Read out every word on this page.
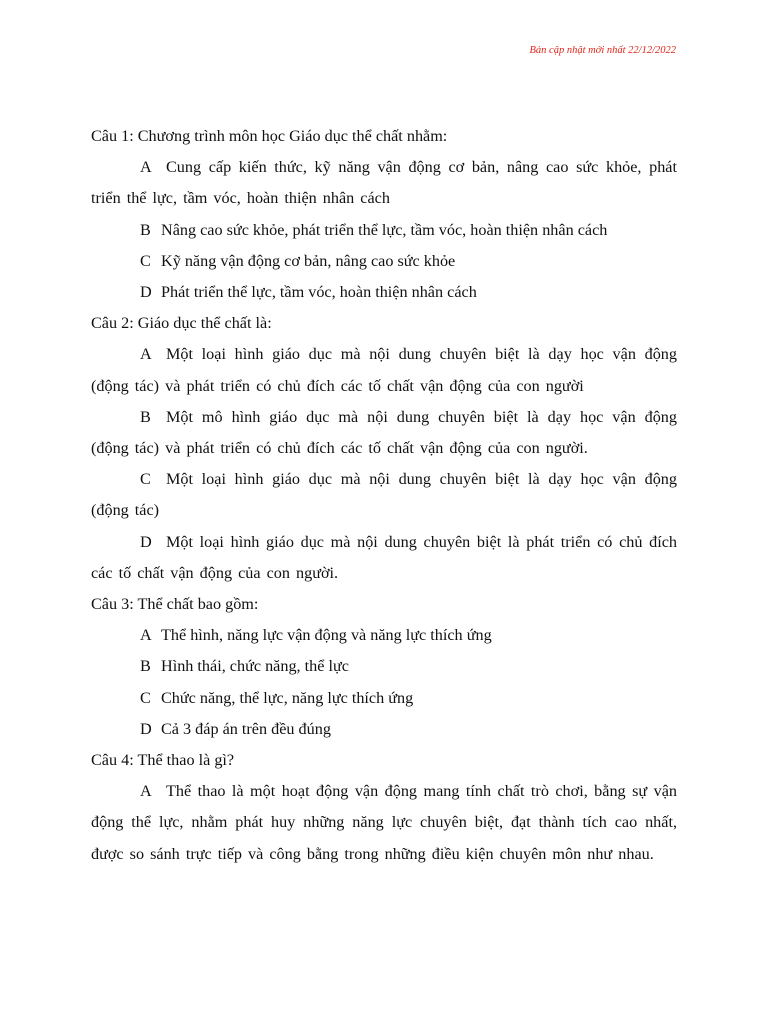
Bản cập nhật mới nhất 22/12/2022

Câu 1: Chương trình môn học Giáo dục thể chất nhằm:

A Cung cấp kiến thức, kỹ năng vận động cơ bản, nâng cao sức khỏe, phát triển thể lực, tầm vóc, hoàn thiện nhân cách

B Nâng cao sức khỏe, phát triển thể lực, tầm vóc, hoàn thiện nhân cách

C Kỹ năng vận động cơ bản, nâng cao sức khỏe

D Phát triển thể lực, tầm vóc, hoàn thiện nhân cách

Câu 2: Giáo dục thể chất là:

A Một loại hình giáo dục mà nội dung chuyên biệt là dạy học vận động (động tác) và phát triển có chủ đích các tố chất vận động của con người

B Một mô hình giáo dục mà nội dung chuyên biệt là dạy học vận động (động tác) và phát triển có chủ đích các tố chất vận động của con người.

C Một loại hình giáo dục mà nội dung chuyên biệt là dạy học vận động (động tác)

D Một loại hình giáo dục mà nội dung chuyên biệt là phát triển có chủ đích các tố chất vận động của con người.

Câu 3: Thể chất bao gồm:

A Thể hình, năng lực vận động và năng lực thích ứng

B Hình thái, chức năng, thể lực

C Chức năng, thể lực, năng lực thích ứng

D Cả 3 đáp án trên đều đúng

Câu 4: Thể thao là gì?

A Thể thao là một hoạt động vận động mang tính chất trò chơi, bằng sự vận động thể lực, nhằm phát huy những năng lực chuyên biệt, đạt thành tích cao nhất, được so sánh trực tiếp và công bằng trong những điều kiện chuyên môn như nhau.
